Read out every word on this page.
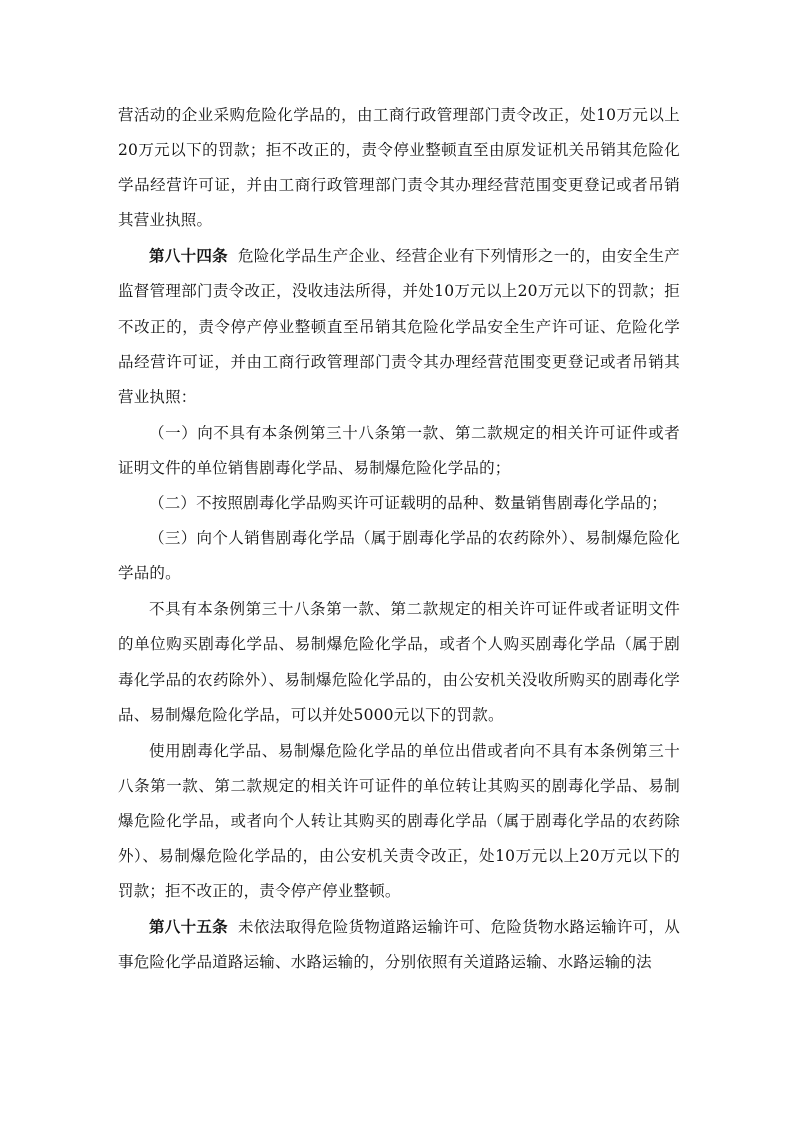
营活动的企业采购危险化学品的，由工商行政管理部门责令改正，处10万元以上20万元以下的罚款；拒不改正的，责令停业整顿直至由原发证机关吊销其危险化学品经营许可证，并由工商行政管理部门责令其办理经营范围变更登记或者吊销其营业执照。

第八十四条 危险化学品生产企业、经营企业有下列情形之一的，由安全生产监督管理部门责令改正，没收违法所得，并处10万元以上20万元以下的罚款；拒不改正的，责令停产停业整顿直至吊销其危险化学品安全生产许可证、危险化学品经营许可证，并由工商行政管理部门责令其办理经营范围变更登记或者吊销其营业执照：

（一）向不具有本条例第三十八条第一款、第二款规定的相关许可证件或者证明文件的单位销售剧毒化学品、易制爆危险化学品的；

（二）不按照剧毒化学品购买许可证载明的品种、数量销售剧毒化学品的；

（三）向个人销售剧毒化学品（属于剧毒化学品的农药除外）、易制爆危险化学品的。

不具有本条例第三十八条第一款、第二款规定的相关许可证件或者证明文件的单位购买剧毒化学品、易制爆危险化学品，或者个人购买剧毒化学品（属于剧毒化学品的农药除外）、易制爆危险化学品的，由公安机关没收所购买的剧毒化学品、易制爆危险化学品，可以并处5000元以下的罚款。

使用剧毒化学品、易制爆危险化学品的单位出借或者向不具有本条例第三十八条第一款、第二款规定的相关许可证件的单位转让其购买的剧毒化学品、易制爆危险化学品，或者向个人转让其购买的剧毒化学品（属于剧毒化学品的农药除外）、易制爆危险化学品的，由公安机关责令改正，处10万元以上20万元以下的罚款；拒不改正的，责令停产停业整顿。

第八十五条 未依法取得危险货物道路运输许可、危险货物水路运输许可，从事危险化学品道路运输、水路运输的，分别依照有关道路运输、水路运输的法
